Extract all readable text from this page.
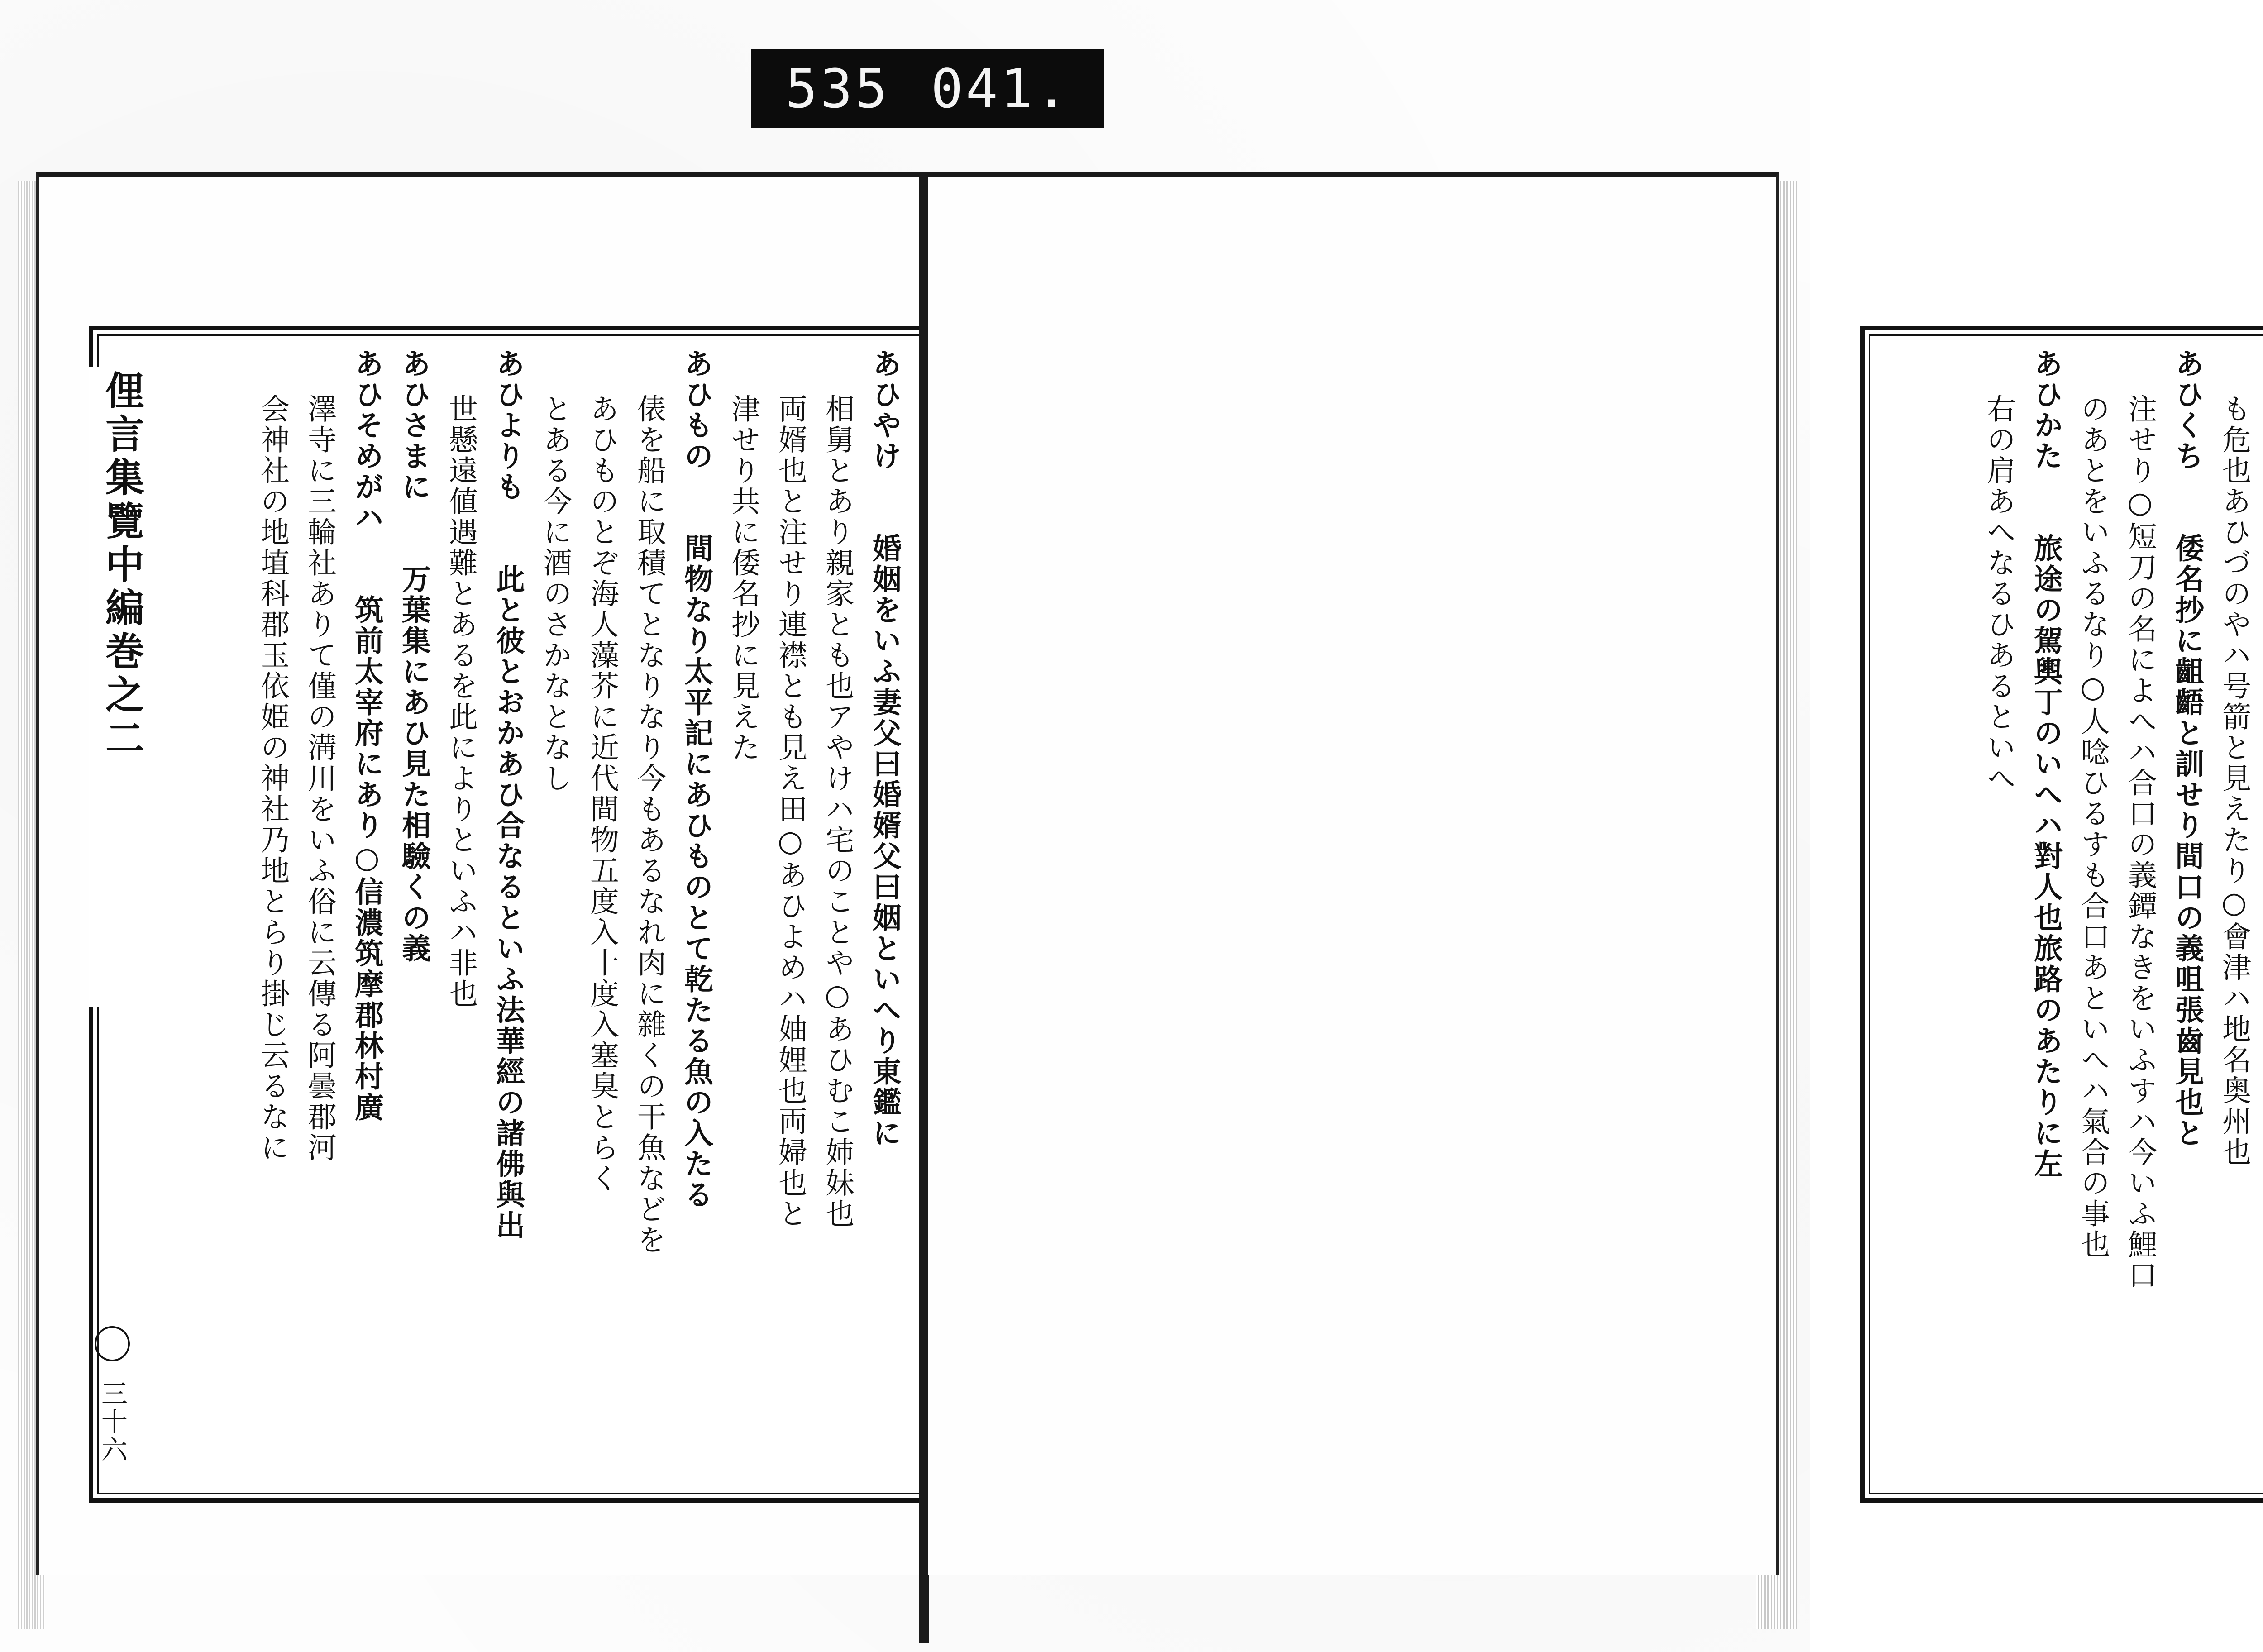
535 041.

あひやけ　　婚姻をいふ妻父曰婚婿父曰姻といへり東鑑に

相舅とあり親家とも也アやけハ宅のことや○あひむこ姉妹也

両婿也と注せり連襟とも見え田○あひよめハ妯娌也両婦也と

津せり共に倭名抄に見えた

あひもの　　間物なり太平記にあひものとて乾たる魚の入たる

俵を船に取積てとなりなり今もあるなれ肉に雜くの干魚などを

あひものとぞ海人藻芥に近代間物五度入十度入塞臭とらく

とある今に酒のさかなとなし

あひよりも　　此と彼とおかあひ合なるといふ法華經の諸佛與出

世懸遠値遇難とあるを此によりといふハ非也

あひさまに　　万葉集にあひ見た相驗くの義

あひそめがハ　　筑前太宰府にあり○信濃筑摩郡林村廣

澤寺に三輪社ありて僅の溝川をいふ俗に云傳る阿曇郡河

会神社の地埴科郡玉依姫の神社乃地とらり掛じ云るなに

俚言集覽中編巻之二
三十六

も危也あひづのやハ号箭と見えたり○會津ハ地名奥州也

あひくち　　倭名抄に齟齬と訓せり間口の義咀張齒見也と

注せり○短刀の名によへハ合口の義鐔なきをいふすハ今いふ鯉口

のあとをいふるなり○人唸ひるすも合口あといへハ氣合の事也

あひかた　　旅途の駕輿丁のいへハ對人也旅路のあたりに左

右の肩あへなるひあるといへ
